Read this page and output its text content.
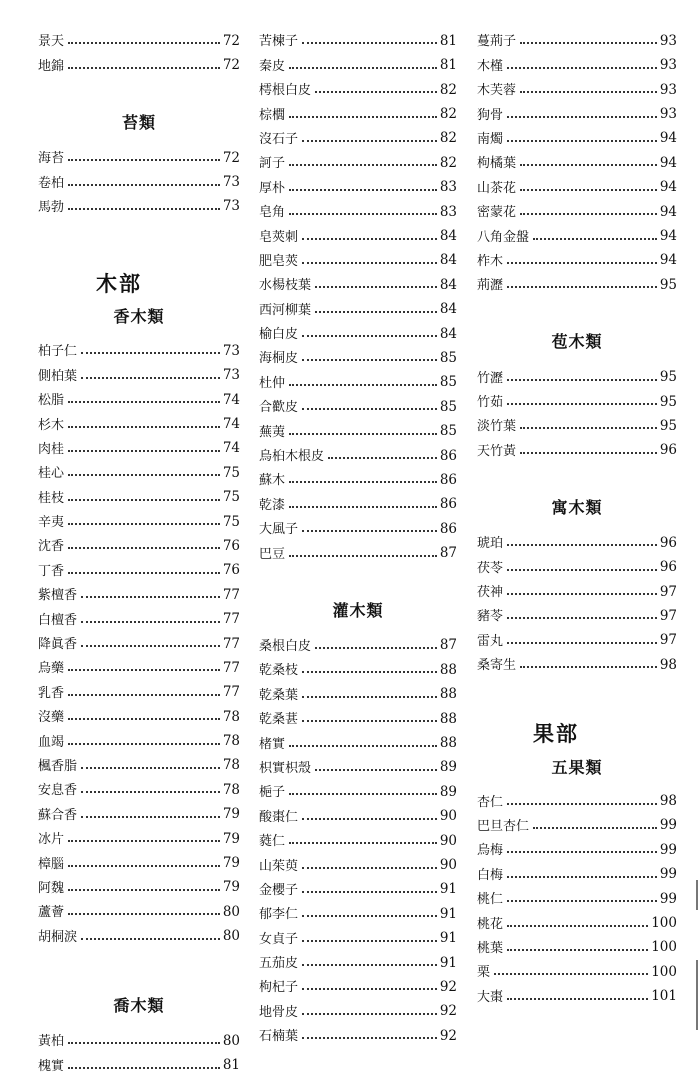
景天	72
地錦	72
苔類
海苔	72
卷柏	73
馬勃	73
木部
香木類
柏子仁	73
側柏葉	73
松脂	74
杉木	74
肉桂	74
桂心	75
桂枝	75
辛夷	75
沈香	76
丁香	76
紫檀香	77
白檀香	77
降眞香	77
烏藥	77
乳香	77
沒藥	78
血竭	78
楓香脂	78
安息香	78
蘇合香	79
冰片	79
樟腦	79
阿魏	79
蘆薈	80
胡桐淚	80
喬木類
黃柏	80
槐實	81
苦楝子	81
秦皮	81
樗根白皮	82
棕櫚	82
沒石子	82
訶子	82
厚朴	83
皂角	83
皂莢刺	84
肥皂莢	84
水楊枝葉	84
西河柳葉	84
榆白皮	84
海桐皮	85
杜仲	85
合歡皮	85
蕪荑	85
烏桕木根皮	86
蘇木	86
乾漆	86
大風子	86
巴豆	87
灌木類
桑根白皮	87
乾桑枝	88
乾桑葉	88
乾桑葚	88
楮實	88
枳實枳殼	89
梔子	89
酸棗仁	90
蕤仁	90
山茱萸	90
金櫻子	91
郁李仁	91
女貞子	91
五茄皮	91
枸杞子	92
地骨皮	92
石楠葉	92
蔓荊子	93
木槿	93
木芙蓉	93
狗骨	93
南燭	94
枸橘葉	94
山茶花	94
密蒙花	94
八角金盤	94
柞木	94
荊瀝	95
苞木類
竹瀝	95
竹茹	95
淡竹葉	95
天竹黃	96
寓木類
琥珀	96
茯苓	96
茯神	97
豬苓	97
雷丸	97
桑寄生	98
果部
五果類
杏仁	98
巴旦杏仁	99
烏梅	99
白梅	99
桃仁	99
桃花	100
桃葉	100
栗	100
大棗	101
